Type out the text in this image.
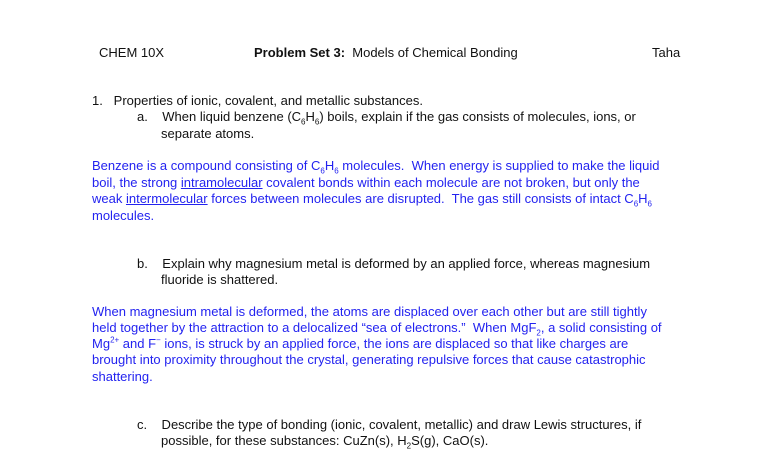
CHEM 10X	Problem Set 3:  Models of Chemical Bonding	Taha
1.   Properties of ionic, covalent, and metallic substances.
a.    When liquid benzene $(C_6H_6)$ boils, explain if the gas consists of molecules, ions, or
separate atoms.
Benzene is a compound consisting of $C_6H_6$ molecules.  When energy is supplied to make the liquid
boil, the strong intramolecular covalent bonds within each molecule are not broken, but only the
weak intermolecular forces between molecules are disrupted.  The gas still consists of intact $C_6H_6$
molecules.
b.    Explain why magnesium metal is deformed by an applied force, whereas magnesium
fluoride is shattered.
When magnesium metal is deformed, the atoms are displaced over each other but are still tightly
held together by the attraction to a delocalized “sea of electrons.”  When MgF$_2$, a solid consisting of
$Mg^{2+}$ and F− ions, is struck by an applied force, the ions are displaced so that like charges are
brought into proximity throughout the crystal, generating repulsive forces that cause catastrophic
shattering.
c.    Describe the type of bonding (ionic, covalent, metallic) and draw Lewis structures, if
possible, for these substances: CuZn(s), $H_2S(g)$, CaO(s).
